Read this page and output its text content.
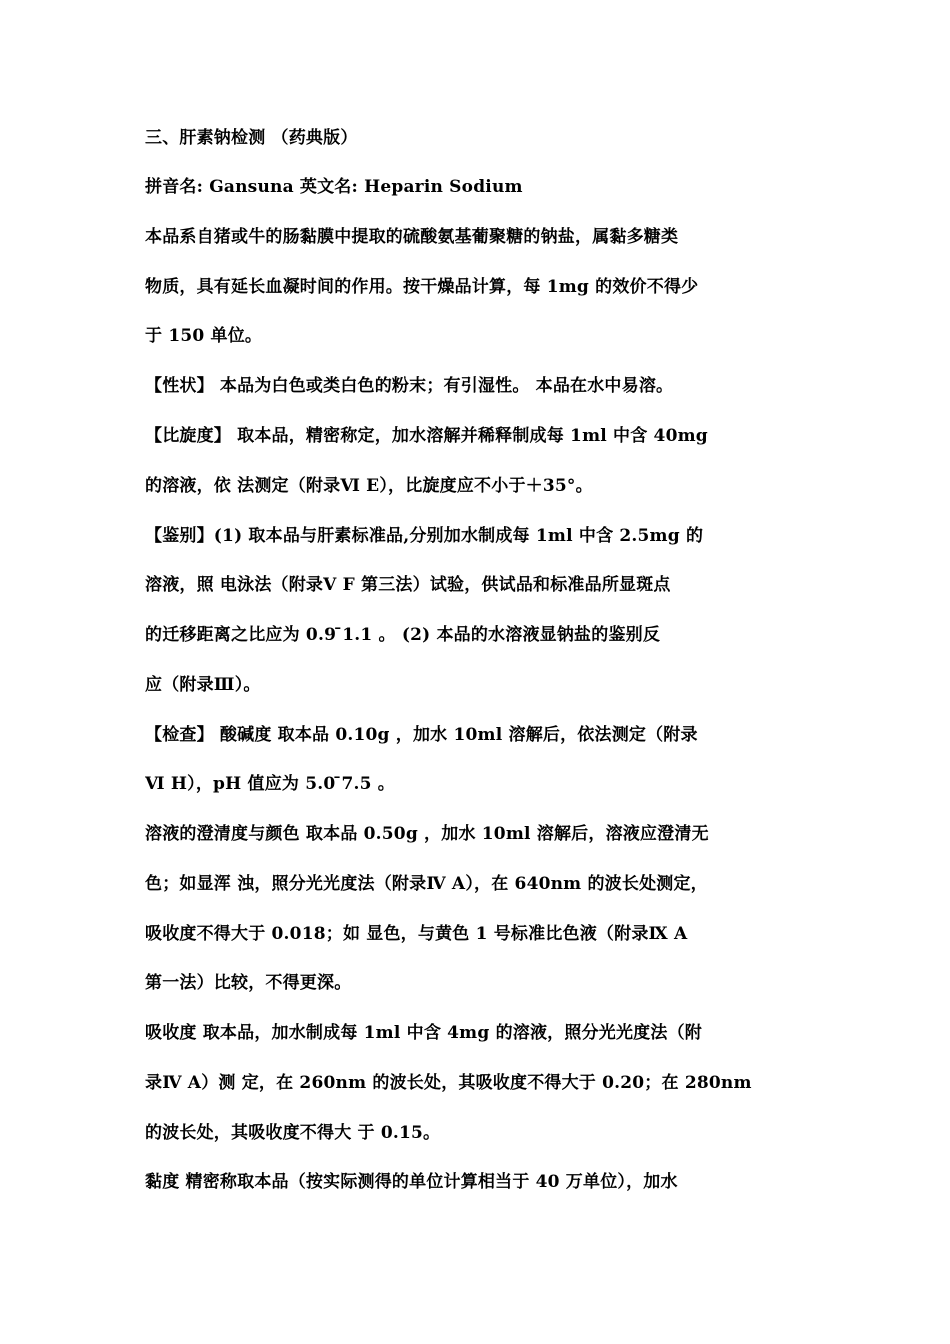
三、肝素钠检测 （药典版）
拼音名: Gansuna 英文名: Heparin Sodium
本品系自猪或牛的肠黏膜中提取的硫酸氨基葡聚糖的钠盐，属黏多糖类
物质，具有延长血凝时间的作用。按干燥品计算，每 1mg 的效价不得少
于 150 单位。
【性状】 本品为白色或类白色的粉末；有引湿性。 本品在水中易溶。
【比旋度】 取本品，精密称定，加水溶解并稀释制成每 1ml 中含 40mg
的溶液，依 法测定（附录Ⅵ E），比旋度应不小于＋35°。
【鉴别】(1) 取本品与肝素标准品,分别加水制成每 1ml 中含 2.5mg 的
溶液，照 电泳法（附录Ⅴ F 第三法）试验，供试品和标准品所显斑点
的迁移距离之比应为 0.9 ̄1.1 。 (2) 本品的水溶液显钠盐的鉴别反
应（附录Ⅲ）。
【检查】 酸碱度 取本品 0.10g ，加水 10ml 溶解后，依法测定（附录
Ⅵ H），pH 值应为 5.0 ̄7.5 。
溶液的澄清度与颜色 取本品 0.50g ，加水 10ml 溶解后，溶液应澄清无
色；如显浑 浊，照分光光度法（附录Ⅳ A），在 640nm 的波长处测定，
吸收度不得大于 0.018；如 显色，与黄色 1 号标准比色液（附录Ⅸ A
第一法）比较，不得更深。
吸收度 取本品，加水制成每 1ml 中含 4mg 的溶液，照分光光度法（附
录Ⅳ A）测 定，在 260nm 的波长处，其吸收度不得大于 0.20；在 280nm
的波长处，其吸收度不得大 于 0.15。
黏度 精密称取本品（按实际测得的单位计算相当于 40 万单位），加水
